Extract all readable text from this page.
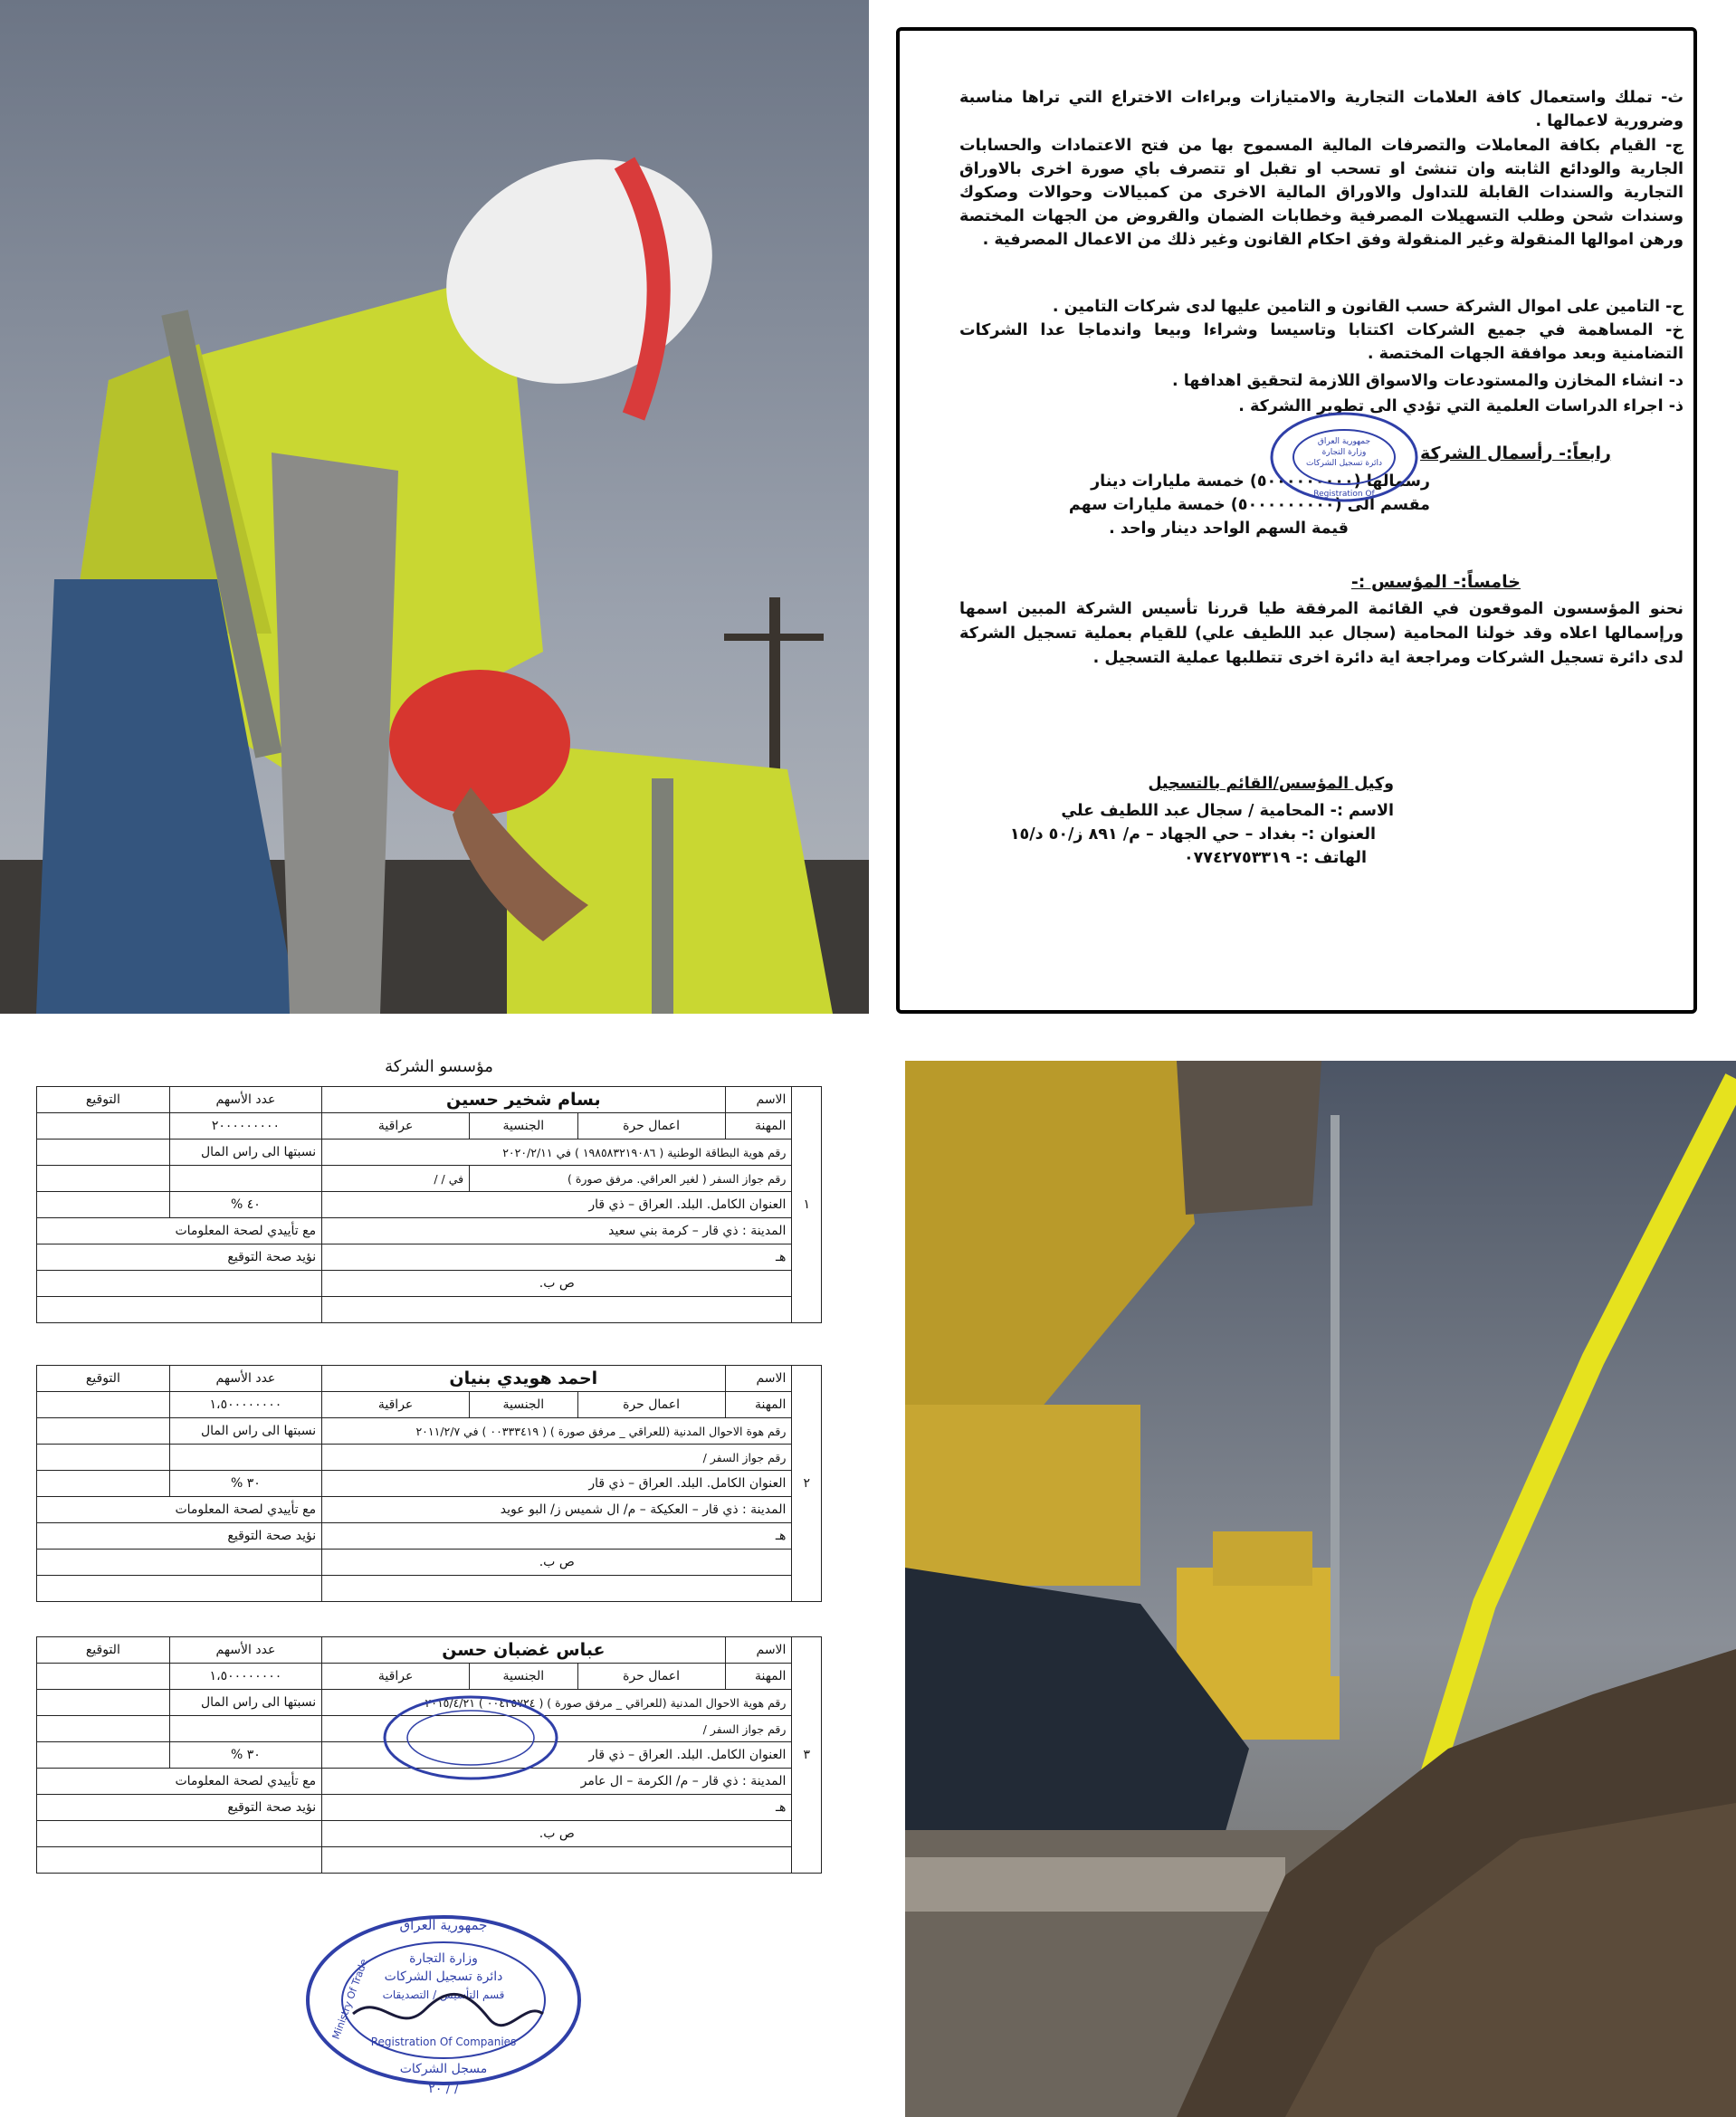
ث- تملك واستعمال كافة العلامات التجارية والامتيازات وبراءات الاختراع التي تراها مناسبة وضرورية لاعمالها .
ج- القيام بكافة المعاملات والتصرفات المالية المسموح بها من فتح الاعتمادات والحسابات الجارية والودائع الثابته وان تنشئ او تسحب او تقبل او تتصرف باي صورة اخرى بالاوراق التجارية والسندات القابلة للتداول والاوراق المالية الاخرى من كمبيالات وحوالات وصكوك وسندات شحن وطلب التسهيلات المصرفية وخطابات الضمان والقروض من الجهات المختصة ورهن اموالها المنقولة وغير المنقولة وفق احكام القانون وغير ذلك من الاعمال المصرفية .
ح- التامين على اموال الشركة حسب القانون و التامين عليها لدى شركات التامين .
خ- المساهمة في جميع الشركات اكتتابا وتاسيسا وشراءا وبيعا واندماجا عدا الشركات التضامنية وبعد موافقة الجهات المختصة .
د- انشاء المخازن والمستودعات والاسواق اللازمة لتحقيق اهدافها .
ذ- اجراء الدراسات العلمية التي تؤدي الى تطوير االشركة .
رابعاً:- رأسمال الشركة
رسمالها (٥٠٠٠٠٠٠٠٠٠) خمسة مليارات دينار
مقسم الى (٥٠٠٠٠٠٠٠٠٠) خمسة مليارات سهم
قيمة السهم الواحد دينار واحد .
جمهورية العراق
وزارة التجارة
دائرة تسجيل الشركات
Registration Of
خامساً:- المؤسس :-
نحنو المؤسسون الموقعون في القائمة المرفقة طيا قررنا تأسيس الشركة المبين اسمها ورإسمالها اعلاه وقد خولنا المحامية (سجال عبد اللطيف علي) للقيام بعملية تسجيل الشركة لدى دائرة تسجيل الشركات ومراجعة اية دائرة اخرى تتطلبها عملية التسجيل .
وكيل المؤسس/القائم بالتسجيل
الاسم :- المحامية / سجال عبد اللطيف علي
العنوان :- بغداد – حي الجهاد – م/ ٨٩١ ز/٥٠ د/١٥
الهاتف :- ٠٧٧٤٢٧٥٣٣١٩
مؤسسو الشركة
١	الاسم	بسام شخير حسين			عدد الأسهم	التوقيع
	المهنة	اعمال حرة	الجنسية	عراقية	٢٠٠٠٠٠٠٠٠٠	
	رقم هوية البطاقة الوطنية ( ١٩٨٥٨٣٢١٩٠٨٦ ) في ٢٠٢٠/٢/١١				نسبتها الى راس المال	
	رقم جواز السفر ( لغير العراقي. مرفق صورة )			في / /		
	العنوان الكامل. البلد. العراق – ذي قار				٤٠ %	
	المدينة : ذي قار – كرمة بني سعيد				مع تأييدي لصحة المعلومات	
	هـ				نؤيد صحة التوقيع	
	ص ب.					

٢	الاسم	احمد هويدي بنيان			عدد الأسهم	التوقيع
	المهنة	اعمال حرة	الجنسية	عراقية	١،٥٠٠٠٠٠٠٠٠	
	رقم هوة الاحوال المدنية (للعراقي _ مرفق صورة ) ( ٠٠٣٣٣٤١٩ ) في ٢٠١١/٢/٧				نسبتها الى راس المال	
	رقم جواز السفر /					
	العنوان الكامل. البلد. العراق – ذي قار				٣٠ %	
	المدينة : ذي قار – العكيكة – م/ ال شميس ز/ البو عويد				مع تأييدي لصحة المعلومات	
	هـ				نؤيد صحة التوقيع	
	ص ب.					

٣	الاسم	عباس غضبان حسن			عدد الأسهم	التوقيع
	المهنة	اعمال حرة	الجنسية	عراقية	١،٥٠٠٠٠٠٠٠٠	
	رقم هوية الاحوال المدنية (للعراقي _ مرفق صورة ) ( ٠٠٤٢٥٧٢٤ ) ٢٠١٥/٤/٢١				نسبتها الى راس المال	
	رقم جواز السفر /					
	العنوان الكامل. البلد. العراق – ذي قار				٣٠ %	
	المدينة : ذي قار – م/ الكرمة – ال عامر				مع تأييدي لصحة المعلومات	
	هـ				نؤيد صحة التوقيع	
	ص ب.					

جمهورية العراق
وزارة التجارة
دائرة تسجيل الشركات
قسم التأسيس / التصديقات
Ministry Of Trade
Registration Of Companies
مسجل الشركات
٢٠ / /
